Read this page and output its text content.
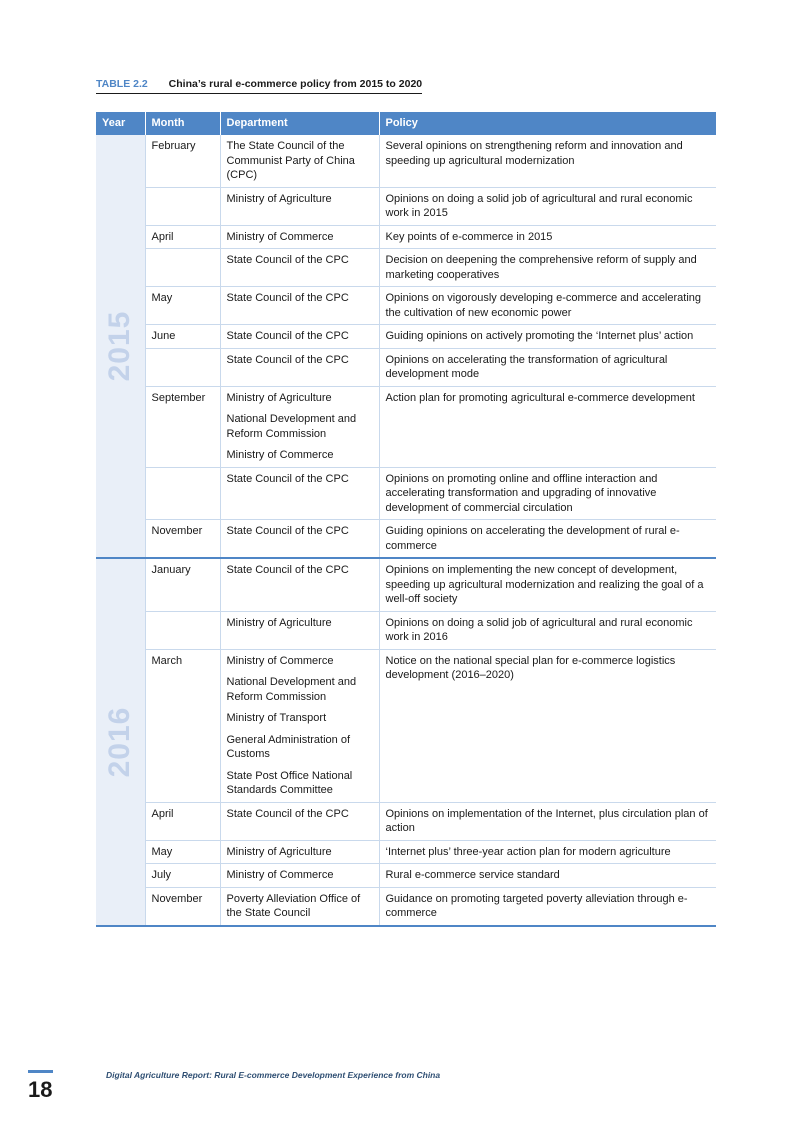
TABLE 2.2 China’s rural e-commerce policy from 2015 to 2020
Year	Month	Department	Policy

2015	February	The State Council of the Communist Party of China (CPC)	Several opinions on strengthening reform and innovation and speeding up agricultural modernization

		Ministry of Agriculture	Opinions on doing a solid job of agricultural and rural economic work in 2015
	April	Ministry of Commerce	Key points of e-commerce in 2015

		State Council of the CPC	Decision on deepening the comprehensive reform of supply and marketing cooperatives
	May	State Council of the CPC	Opinions on vigorously developing e-commerce and accelerating the cultivation of new economic power
	June	State Council of the CPC	Guiding opinions on actively promoting the ‘Internet plus’ action

		State Council of the CPC	Opinions on accelerating the transformation of agricultural development mode
	September	Ministry of Agriculture
National Development and Reform Commission
Ministry of Commerce	Action plan for promoting agricultural e-commerce development

		State Council of the CPC	Opinions on promoting online and offline interaction and accelerating transformation and upgrading of innovative development of commercial circulation
	November	State Council of the CPC	Guiding opinions on accelerating the development of rural e-commerce

2016	January	State Council of the CPC	Opinions on implementing the new concept of development, speeding up agricultural modernization and realizing the goal of a well-off society

		Ministry of Agriculture	Opinions on doing a solid job of agricultural and rural economic work in 2016
	March	Ministry of Commerce
National Development and Reform Commission
Ministry of Transport
General Administration of Customs
State Post Office National Standards Committee	Notice on the national special plan for e-commerce logistics development (2016–2020)
	April	State Council of the CPC	Opinions on implementation of the Internet, plus circulation plan of action
	May	Ministry of Agriculture	‘Internet plus’ three-year action plan for modern agriculture
	July	Ministry of Commerce	Rural e-commerce service standard
	November	Poverty Alleviation Office of the State Council	Guidance on promoting targeted poverty alleviation through e-commerce
18
Digital Agriculture Report: Rural E-commerce Development Experience from China
